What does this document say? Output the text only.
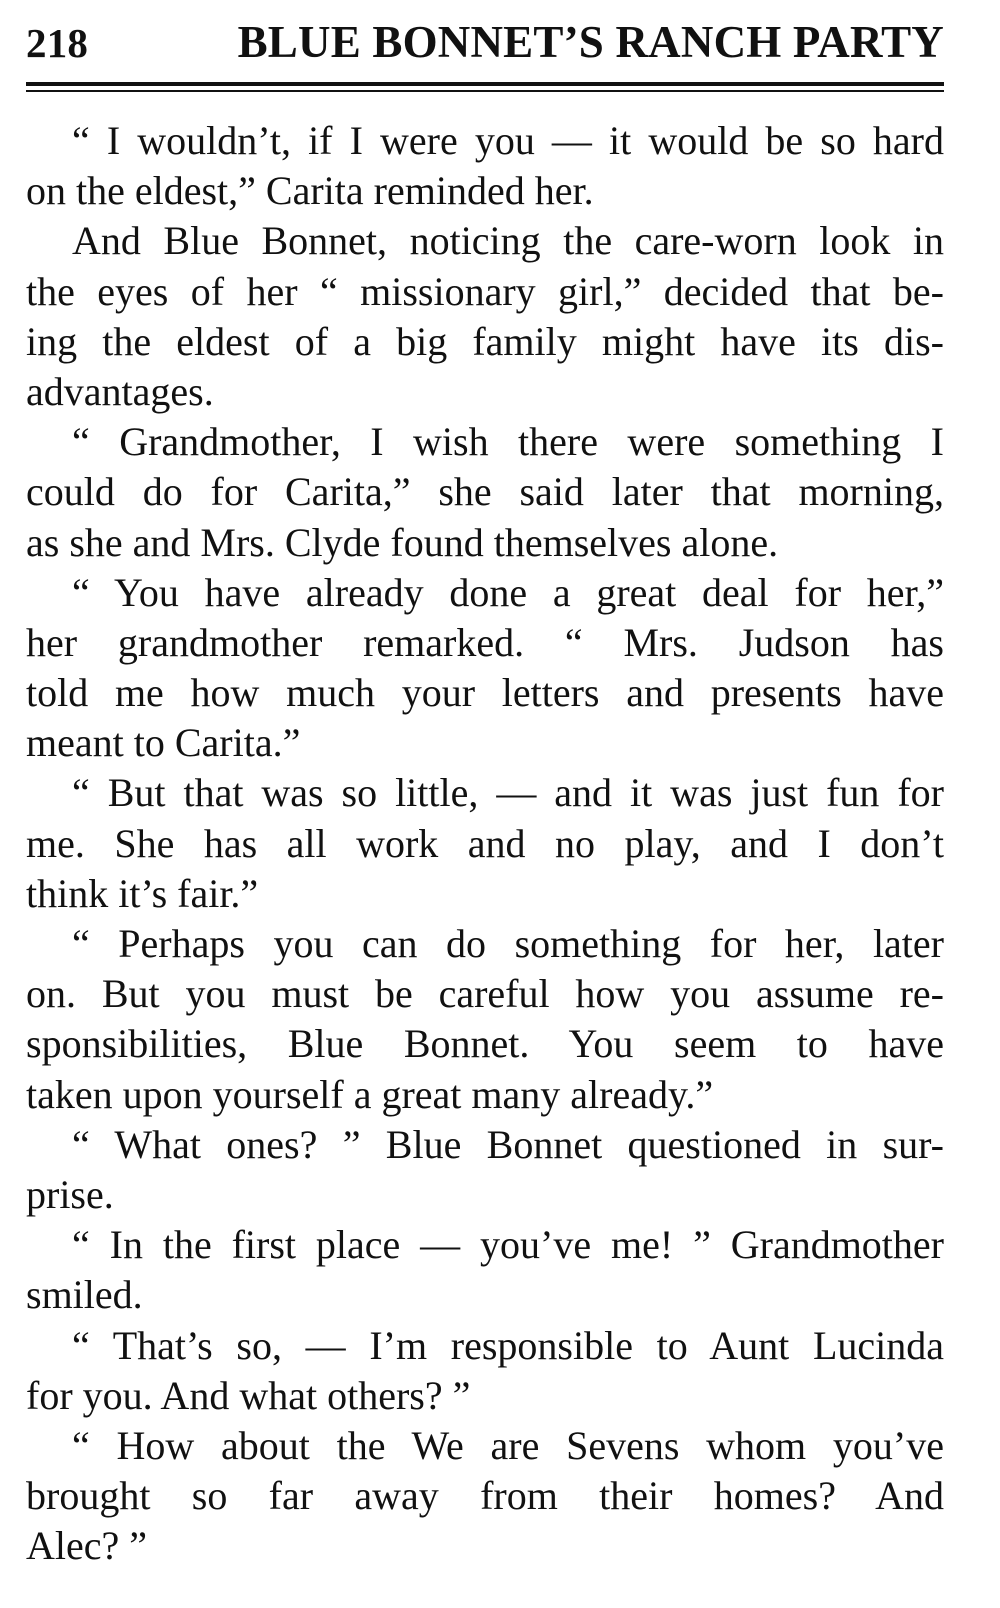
218	BLUE BONNET’S RANCH PARTY
“ I wouldn’t, if I were you — it would be so hard
on the eldest,” Carita reminded her.
And Blue Bonnet, noticing the care-worn look in
the eyes of her “ missionary girl,” decided that be-
ing the eldest of a big family might have its dis-
advantages.
“ Grandmother, I wish there were something I
could do for Carita,” she said later that morning,
as she and Mrs. Clyde found themselves alone.
“ You have already done a great deal for her,”
her grandmother remarked. “ Mrs. Judson has
told me how much your letters and presents have
meant to Carita.”
“ But that was so little, — and it was just fun for
me. She has all work and no play, and I don’t
think it’s fair.”
“ Perhaps you can do something for her, later
on. But you must be careful how you assume re-
sponsibilities, Blue Bonnet. You seem to have
taken upon yourself a great many already.”
“ What ones? ” Blue Bonnet questioned in sur-
prise.
“ In the first place — you’ve me! ” Grandmother
smiled.
“ That’s so, — I’m responsible to Aunt Lucinda
for you. And what others? ”
“ How about the We are Sevens whom you’ve
brought so far away from their homes? And
Alec? ”
